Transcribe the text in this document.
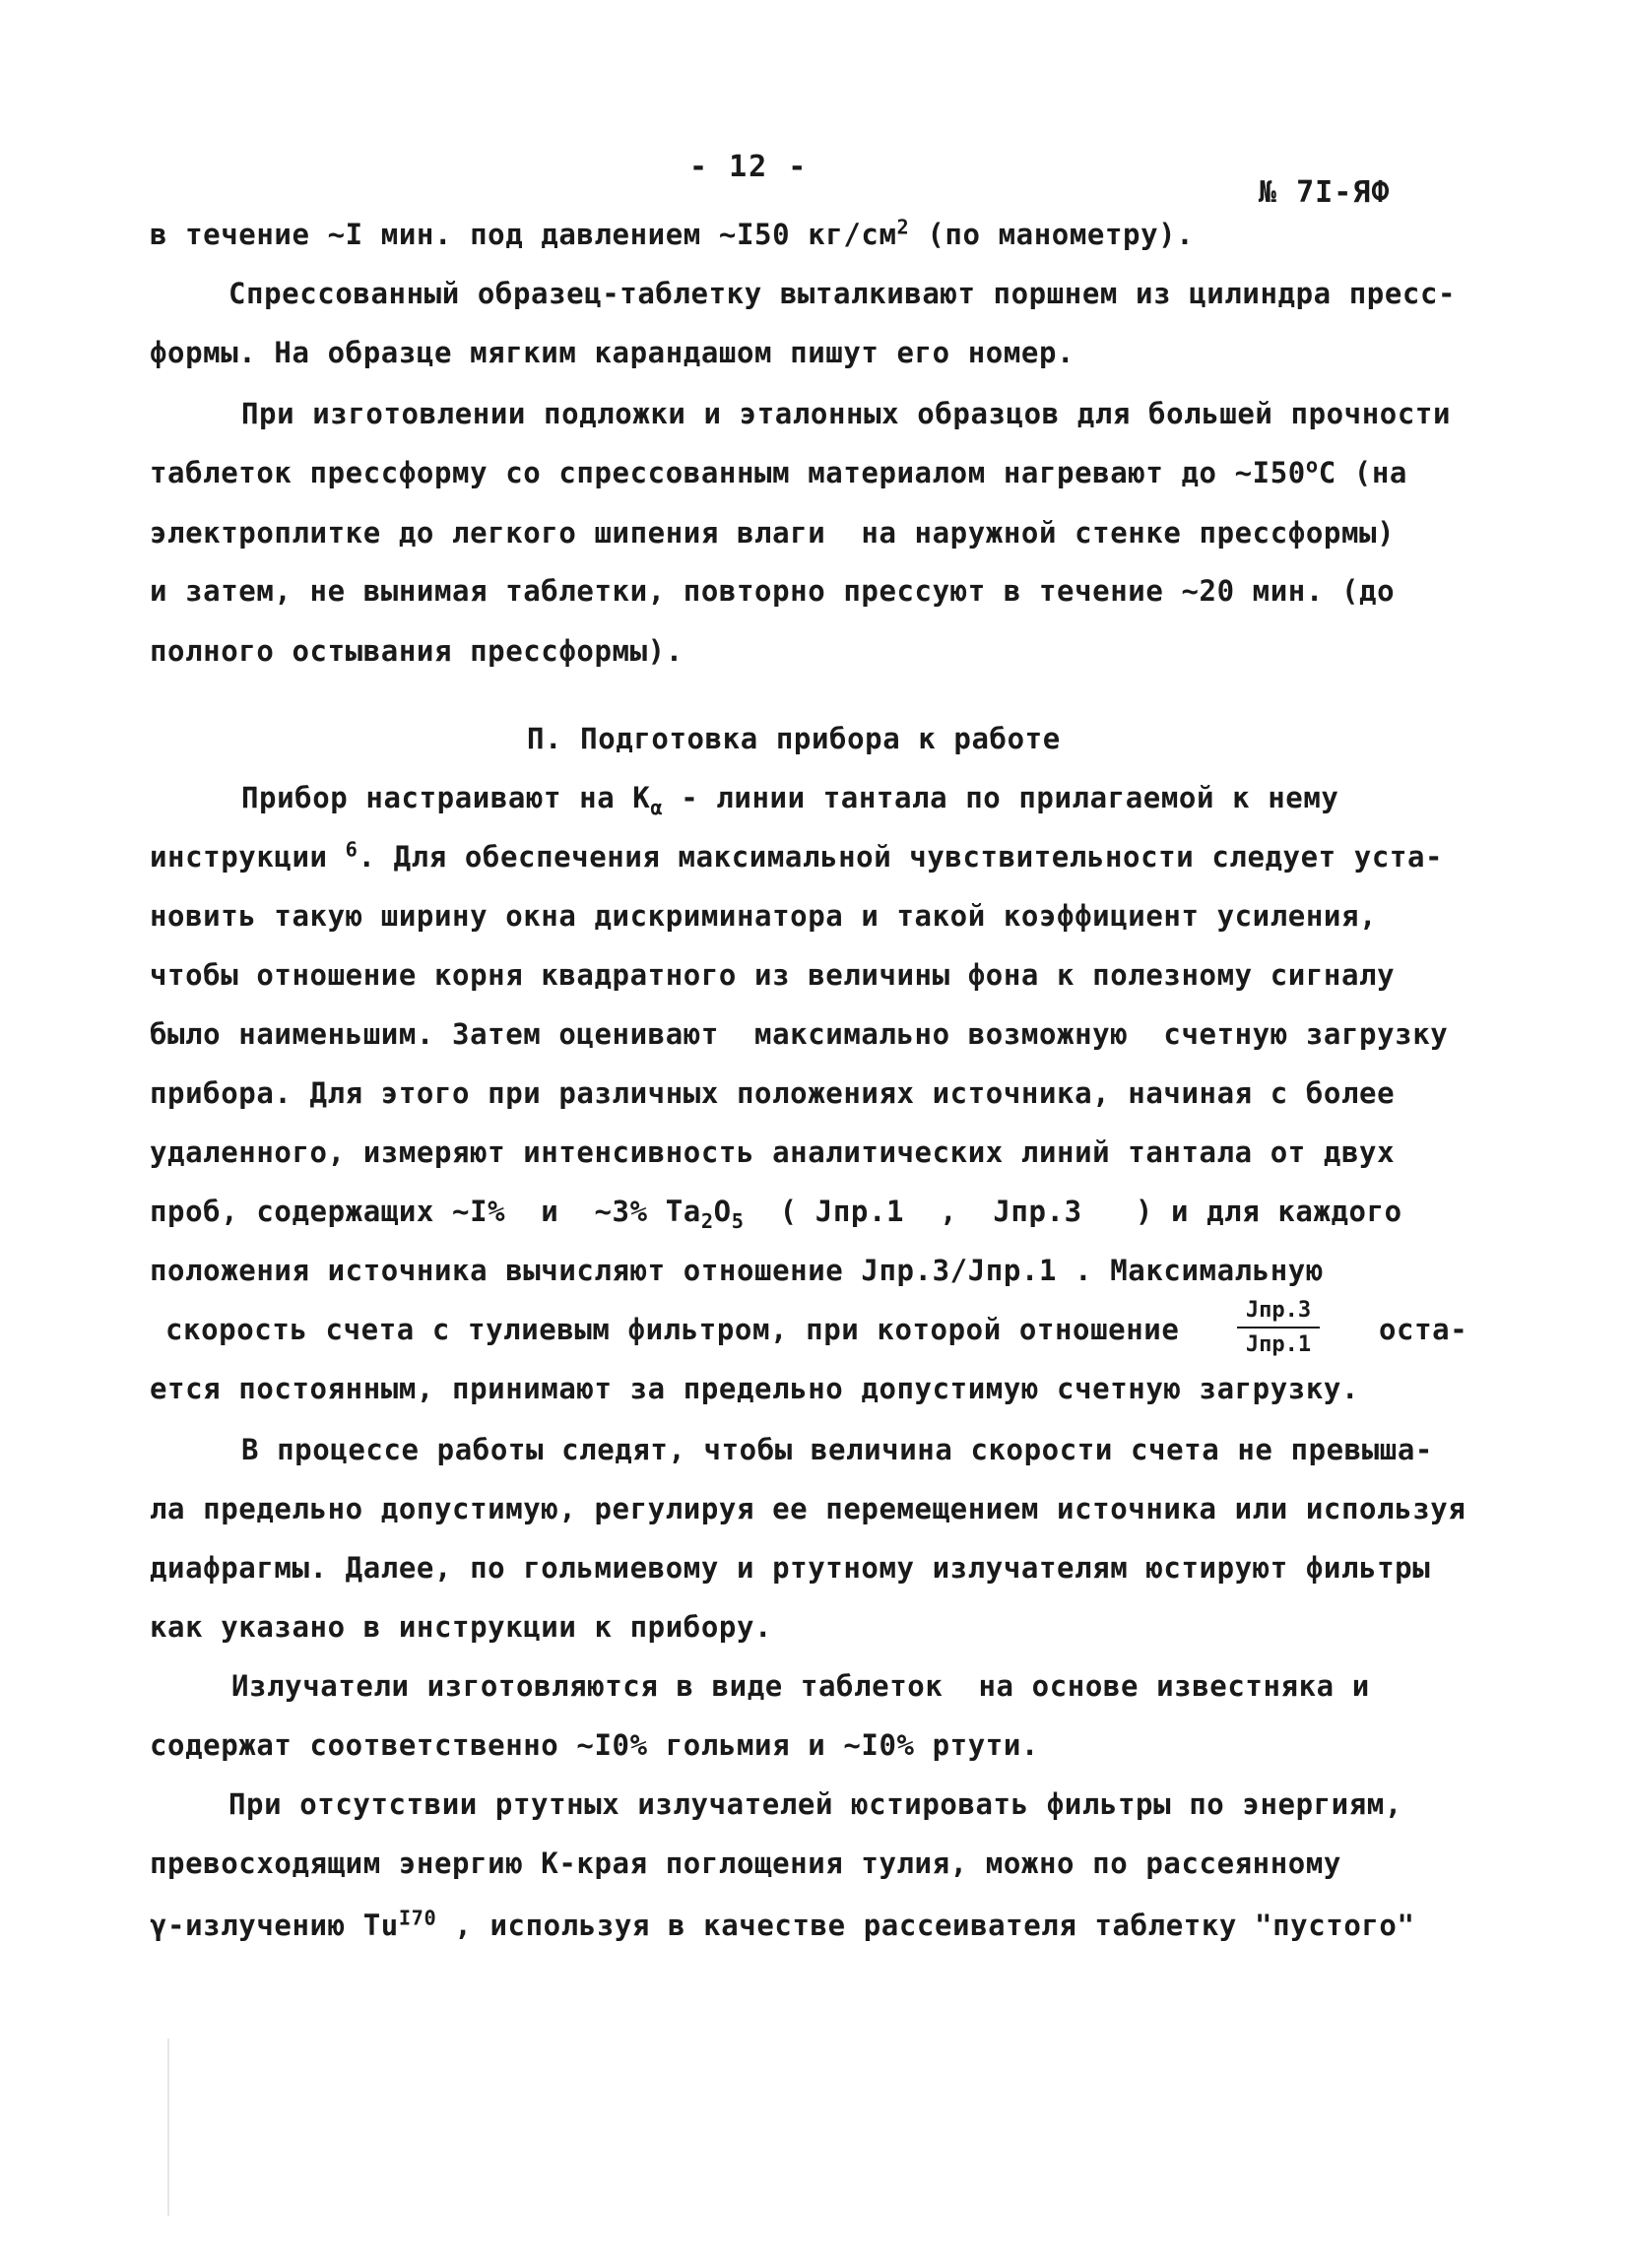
- 12 -
№ 7I-ЯФ
в течение ~I мин. под давлением ~I50 $кг/см^2$ (по манометру).
Спрессованный образец-таблетку выталкивают поршнем из цилиндра пресс-
формы. На образце мягким карандашом пишут его номер.
При изготовлении подложки и эталонных образцов для большей прочности
таблеток прессформу со спрессованным материалом нагревают до ~I50$^o$C (на
электроплитке до легкого шипения влаги  на наружной стенке прессформы)
и затем, не вынимая таблетки, повторно прессуют в течение ~20 мин. (до
полного остывания прессформы).
П. Подготовка прибора к работе
Прибор настраивают на $К_\alpha$ - линии тантала по прилагаемой к нему
инструкции $^6$. Для обеспечения максимальной чувствительности следует уста-
новить такую ширину окна дискриминатора и такой коэффициент усиления,
чтобы отношение корня квадратного из величины фона к полезному сигналу
было наименьшим. Затем оценивают  максимально возможную  счетную загрузку
прибора. Для этого при различных положениях источника, начиная с более
удаленного, измеряют интенсивность аналитических линий тантала от двух
проб, содержащих ~I%  и  ~3% $Ta_2O_5$  ( Jпр.1  ,  Jпр.3   ) и для каждого
положения источника вычисляют отношение Jпр.3/Jпр.1 . Максимальную
скорость счета с тулиевым фильтром, при которой отношение	оста-
Jпр.3
Jпр.1
ется постоянным, принимают за предельно допустимую счетную загрузку.
В процессе работы следят, чтобы величина скорости счета не превыша-
ла предельно допустимую, регулируя ее перемещением источника или используя
диафрагмы. Далее, по гольмиевому и ртутному излучателям юстируют фильтры
как указано в инструкции к прибору.
Излучатели изготовляются в виде таблеток  на основе известняка и
содержат соответственно ~I0% гольмия и ~I0% ртути.
При отсутствии ртутных излучателей юстировать фильтры по энергиям,
превосходящим энергию К-края поглощения тулия, можно по рассеянному
γ-излучению $Tu^{I70}$ , используя в качестве рассеивателя таблетку "пустого"
